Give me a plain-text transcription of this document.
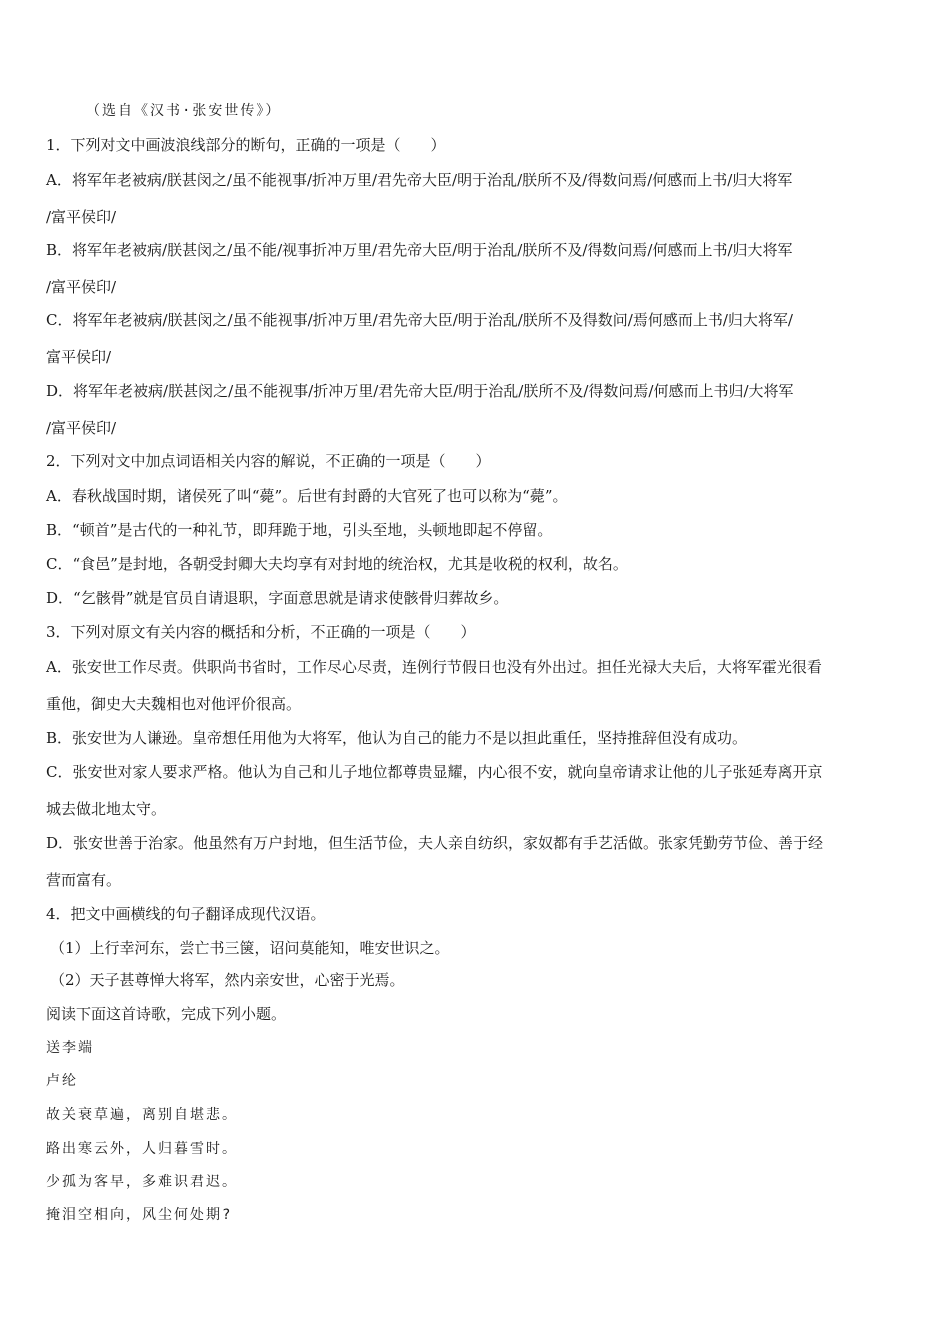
（选自《汉书·张安世传》）
1．下列对文中画波浪线部分的断句，正确的一项是（　　）
A．将军年老被病/朕甚闵之/虽不能视事/折冲万里/君先帝大臣/明于治乱/朕所不及/得数问焉/何感而上书/归大将军
/富平侯印/
B．将军年老被病/朕甚闵之/虽不能/视事折冲万里/君先帝大臣/明于治乱/朕所不及/得数问焉/何感而上书/归大将军
/富平侯印/
C．将军年老被病/朕甚闵之/虽不能视事/折冲万里/君先帝大臣/明于治乱/朕所不及得数问/焉何感而上书/归大将军/
富平侯印/
D．将军年老被病/朕甚闵之/虽不能视事/折冲万里/君先帝大臣/明于治乱/朕所不及/得数问焉/何感而上书归/大将军
/富平侯印/
2．下列对文中加点词语相关内容的解说，不正确的一项是（　　）
A．春秋战国时期，诸侯死了叫“薨”。后世有封爵的大官死了也可以称为“薨”。
B．“顿首”是古代的一种礼节，即拜跪于地，引头至地，头顿地即起不停留。
C．“食邑”是封地，各朝受封卿大夫均享有对封地的统治权，尤其是收税的权利，故名。
D．“乞骸骨”就是官员自请退职，字面意思就是请求使骸骨归葬故乡。
3．下列对原文有关内容的概括和分析，不正确的一项是（　　）
A．张安世工作尽责。供职尚书省时，工作尽心尽责，连例行节假日也没有外出过。担任光禄大夫后，大将军霍光很看
重他，御史大夫魏相也对他评价很高。
B．张安世为人谦逊。皇帝想任用他为大将军，他认为自己的能力不是以担此重任，坚持推辞但没有成功。
C．张安世对家人要求严格。他认为自己和儿子地位都尊贵显耀，内心很不安，就向皇帝请求让他的儿子张延寿离开京
城去做北地太守。
D．张安世善于治家。他虽然有万户封地，但生活节俭，夫人亲自纺织，家奴都有手艺活做。张家凭勤劳节俭、善于经
营而富有。
4．把文中画横线的句子翻译成现代汉语。
（1）上行幸河东，尝亡书三箧，诏问莫能知，唯安世识之。
（2）天子甚尊惮大将军，然内亲安世，心密于光焉。
阅读下面这首诗歌，完成下列小题。
送李端
卢纶
故关衰草遍，离别自堪悲。
路出寒云外，人归暮雪时。
少孤为客早，多难识君迟。
掩泪空相向，风尘何处期?
